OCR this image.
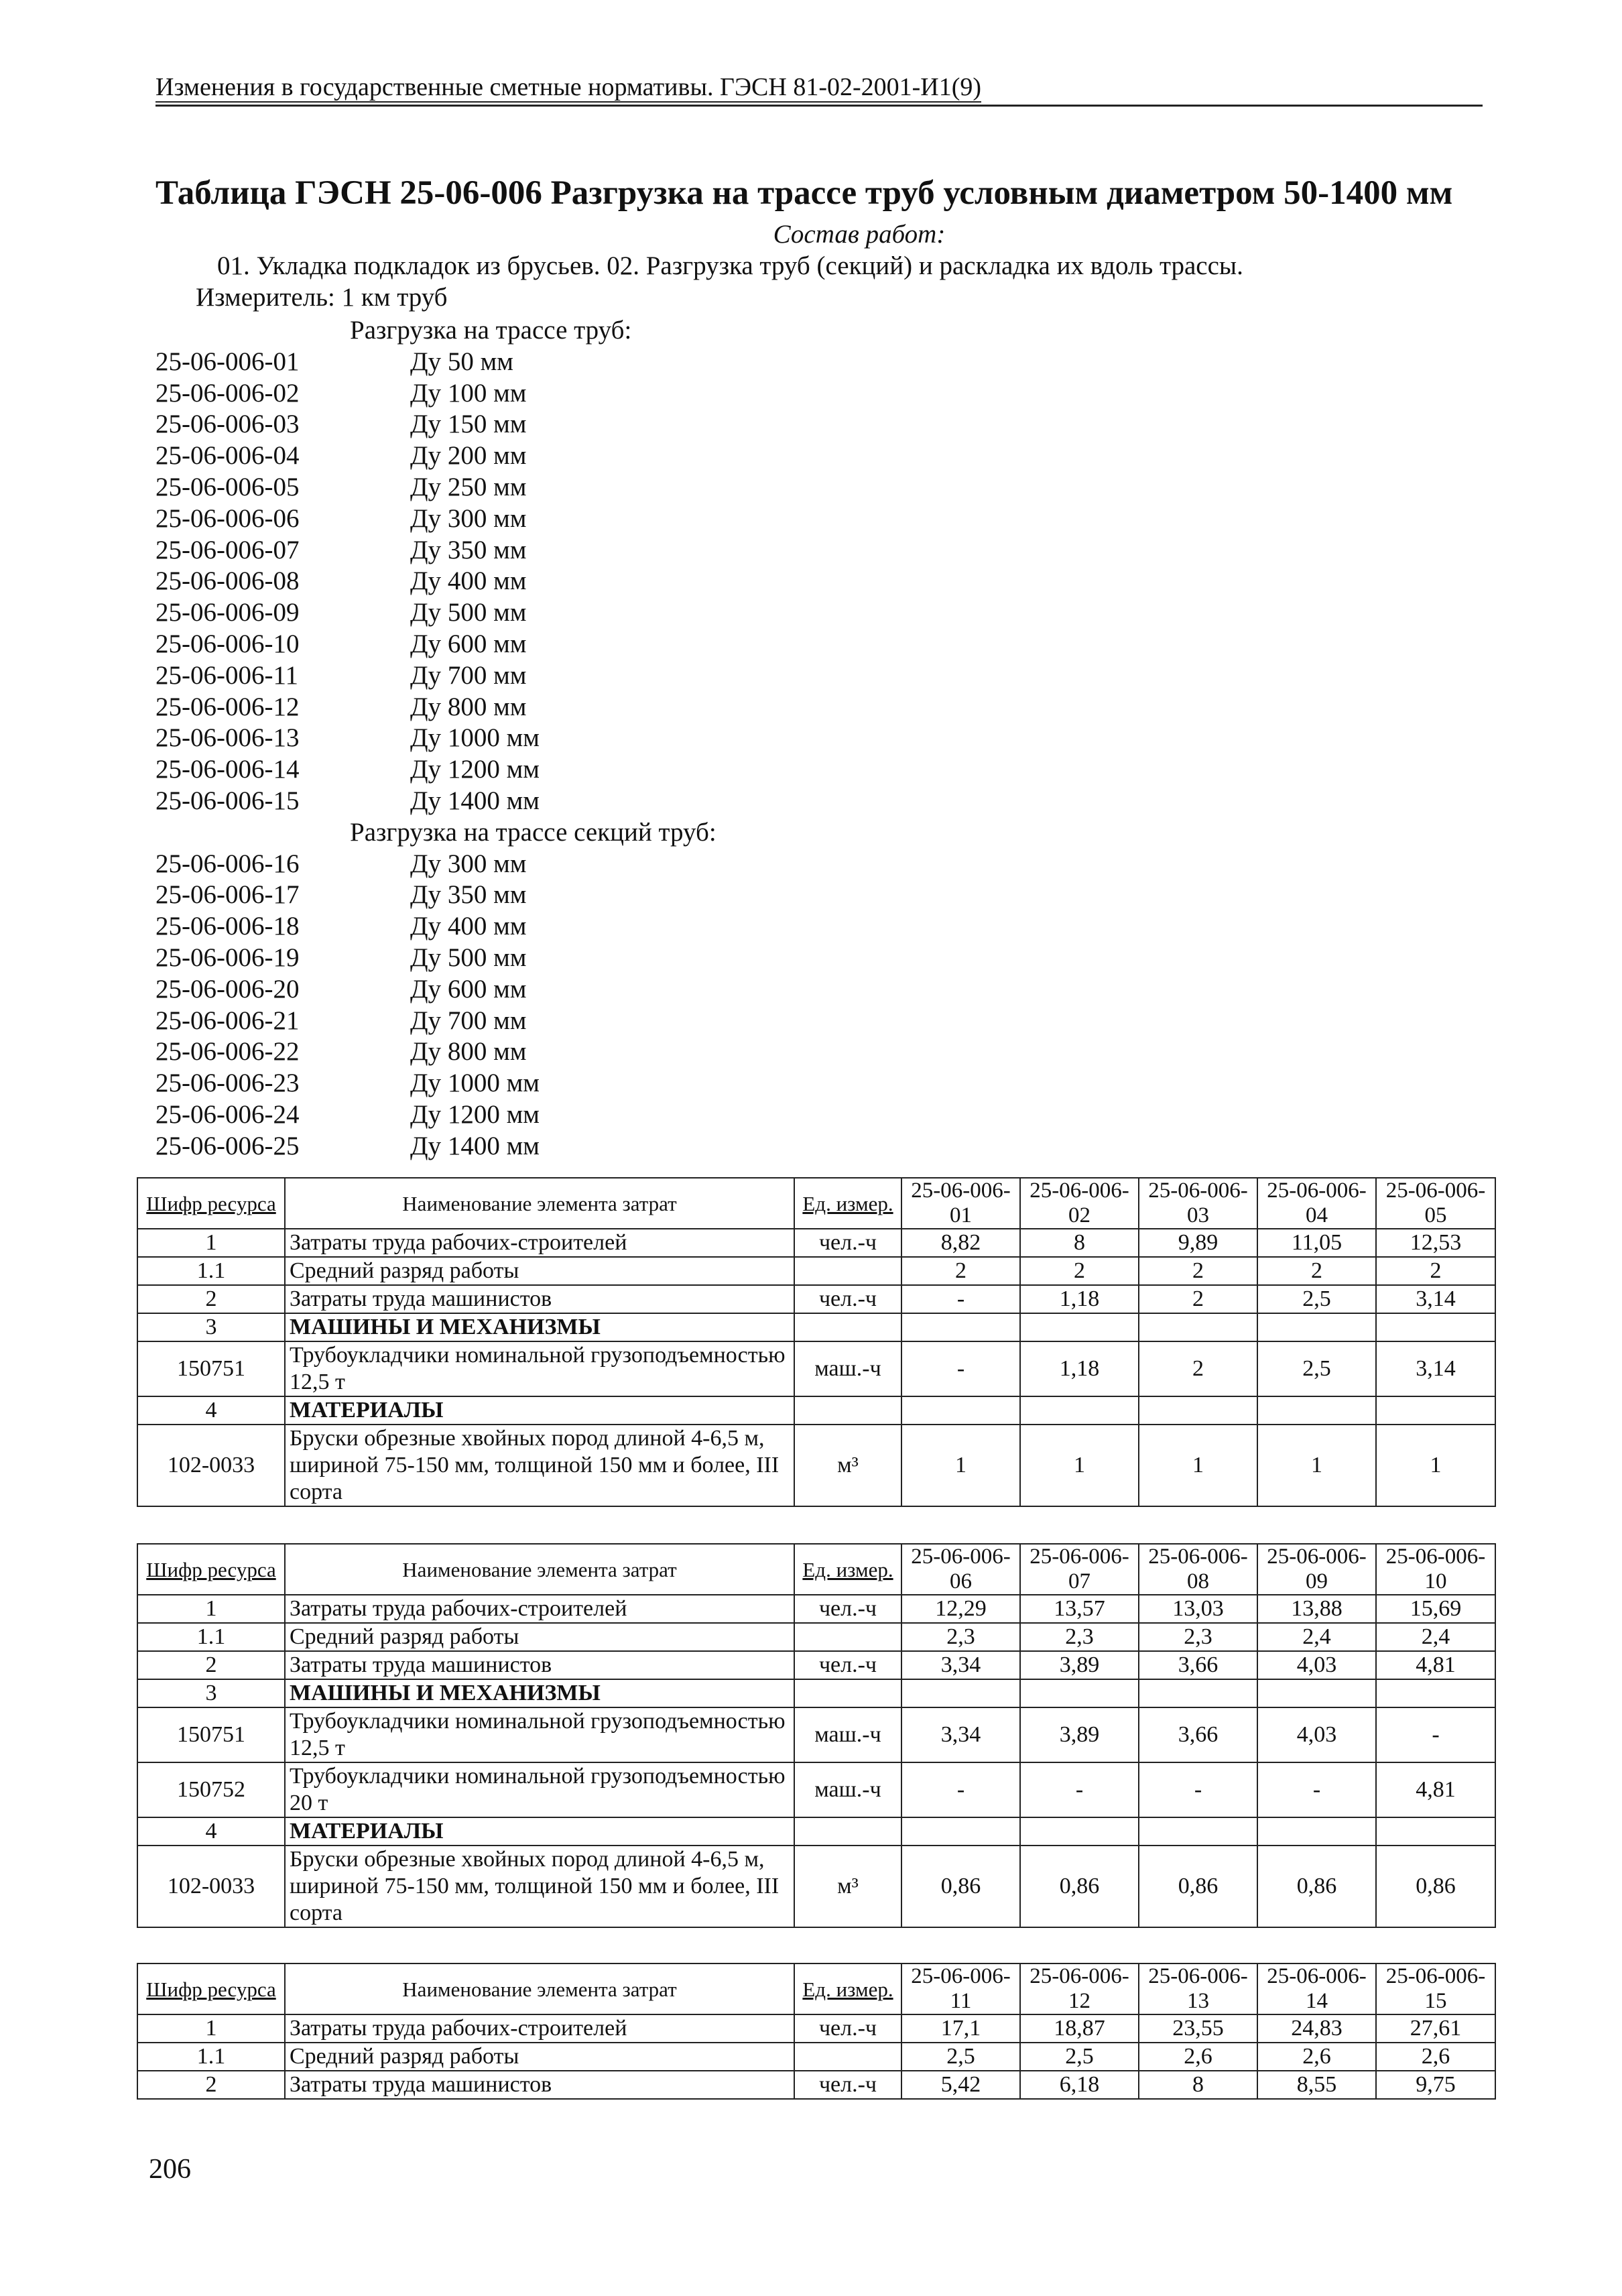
Изменения в государственные сметные нормативы. ГЭСН 81-02-2001-И1(9)
Таблица ГЭСН 25-06-006 Разгрузка на трассе труб условным диаметром 50-1400 мм
Состав работ:
01. Укладка подкладок из брусьев. 02. Разгрузка труб (секций) и раскладка их вдоль трассы.
Измеритель: 1 км труб
Разгрузка на трассе труб:
25-06-006-01	Ду 50 мм
25-06-006-02	Ду 100 мм
25-06-006-03	Ду 150 мм
25-06-006-04	Ду 200 мм
25-06-006-05	Ду 250 мм
25-06-006-06	Ду 300 мм
25-06-006-07	Ду 350 мм
25-06-006-08	Ду 400 мм
25-06-006-09	Ду 500 мм
25-06-006-10	Ду 600 мм
25-06-006-11	Ду 700 мм
25-06-006-12	Ду 800 мм
25-06-006-13	Ду 1000 мм
25-06-006-14	Ду 1200 мм
25-06-006-15	Ду 1400 мм
Разгрузка на трассе секций труб:
25-06-006-16	Ду 300 мм
25-06-006-17	Ду 350 мм
25-06-006-18	Ду 400 мм
25-06-006-19	Ду 500 мм
25-06-006-20	Ду 600 мм
25-06-006-21	Ду 700 мм
25-06-006-22	Ду 800 мм
25-06-006-23	Ду 1000 мм
25-06-006-24	Ду 1200 мм
25-06-006-25	Ду 1400 мм
Шифр ресурса	Наименование элемента затрат	Ед. измер.	25-06-006-01	25-06-006-02	25-06-006-03	25-06-006-04	25-06-006-05
1	Затраты труда рабочих-строителей	чел.-ч	8,82	8	9,89	11,05	12,53
1.1	Средний разряд работы		2	2	2	2	2
2	Затраты труда машинистов	чел.-ч	-	1,18	2	2,5	3,14
3	МАШИНЫ И МЕХАНИЗМЫ						
150751	Трубоукладчики номинальной грузоподъемностью 12,5 т	маш.-ч	-	1,18	2	2,5	3,14
4	МАТЕРИАЛЫ						
102-0033	Бруски обрезные хвойных пород длиной 4-6,5 м, шириной 75-150 мм, толщиной 150 мм и более, III сорта	м³	1	1	1	1	1
Шифр ресурса	Наименование элемента затрат	Ед. измер.	25-06-006-06	25-06-006-07	25-06-006-08	25-06-006-09	25-06-006-10
1	Затраты труда рабочих-строителей	чел.-ч	12,29	13,57	13,03	13,88	15,69
1.1	Средний разряд работы		2,3	2,3	2,3	2,4	2,4
2	Затраты труда машинистов	чел.-ч	3,34	3,89	3,66	4,03	4,81
3	МАШИНЫ И МЕХАНИЗМЫ						
150751	Трубоукладчики номинальной грузоподъемностью 12,5 т	маш.-ч	3,34	3,89	3,66	4,03	-
150752	Трубоукладчики номинальной грузоподъемностью 20 т	маш.-ч	-	-	-	-	4,81
4	МАТЕРИАЛЫ						
102-0033	Бруски обрезные хвойных пород длиной 4-6,5 м, шириной 75-150 мм, толщиной 150 мм и более, III сорта	м³	0,86	0,86	0,86	0,86	0,86
Шифр ресурса	Наименование элемента затрат	Ед. измер.	25-06-006-11	25-06-006-12	25-06-006-13	25-06-006-14	25-06-006-15
1	Затраты труда рабочих-строителей	чел.-ч	17,1	18,87	23,55	24,83	27,61
1.1	Средний разряд работы		2,5	2,5	2,6	2,6	2,6
2	Затраты труда машинистов	чел.-ч	5,42	6,18	8	8,55	9,75
206
